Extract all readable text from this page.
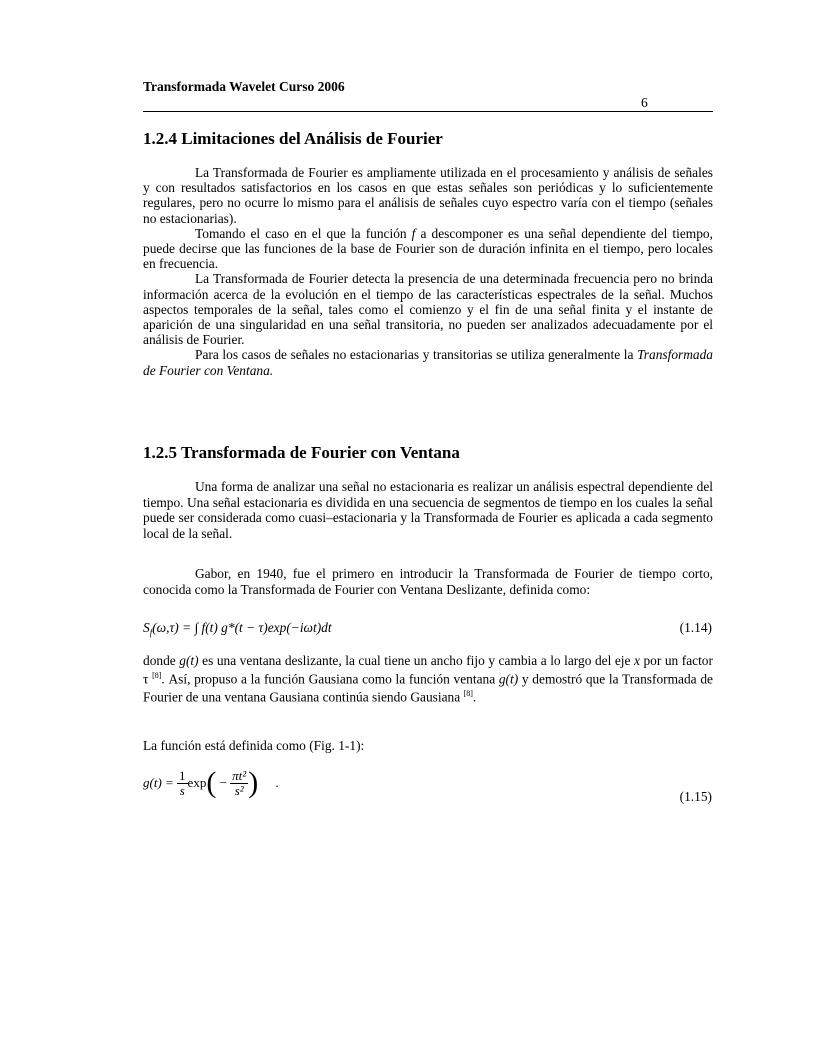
Transformada Wavelet Curso 2006
6
1.2.4 Limitaciones del Análisis de Fourier

La Transformada de Fourier es ampliamente utilizada en el procesamiento y análisis de señales y con resultados satisfactorios en los casos en que estas señales son periódicas y lo suficientemente regulares, pero no ocurre lo mismo para el análisis de señales cuyo espectro varía con el tiempo (señales no estacionarias).

Tomando el caso en el que la función f a descomponer es una señal dependiente del tiempo, puede decirse que las funciones de la base de Fourier son de duración infinita en el tiempo, pero locales en frecuencia.

La Transformada de Fourier detecta la presencia de una determinada frecuencia pero no brinda información acerca de la evolución en el tiempo de las características espectrales de la señal. Muchos aspectos temporales de la señal, tales como el comienzo y el fin de una señal finita y el instante de aparición de una singularidad en una señal transitoria, no pueden ser analizados adecuadamente por el análisis de Fourier.

Para los casos de señales no estacionarias y transitorias se utiliza generalmente la Transformada de Fourier con Ventana.

1.2.5 Transformada de Fourier con Ventana

Una forma de analizar una señal no estacionaria es realizar un análisis espectral dependiente del tiempo. Una señal estacionaria es dividida en una secuencia de segmentos de tiempo en los cuales la señal puede ser considerada como cuasi–estacionaria y la Transformada de Fourier es aplicada a cada segmento local de la señal.

Gabor, en 1940, fue el primero en introducir la Transformada de Fourier de tiempo corto, conocida como la Transformada de Fourier con Ventana Deslizante, definida como:

$S_f(\omega,\tau)$ = ∫ f(t) g*(t − τ)exp(−iωt)dt	(1.14)

donde g(t) es una ventana deslizante, la cual tiene un ancho fijo y cambia a lo largo del eje x por un factor τ [8]. Así, propuso a la función Gausiana como la función ventana g(t) y demostró que la Transformada de Fourier de una ventana Gausiana continúa siendo Gausiana [8].

La función está definida como (Fig. 1-1):
$g(t) = \frac{1}{s} \exp( - \frac{\text{πt²}}{\text{s²}}$ ) .
(1.15)
